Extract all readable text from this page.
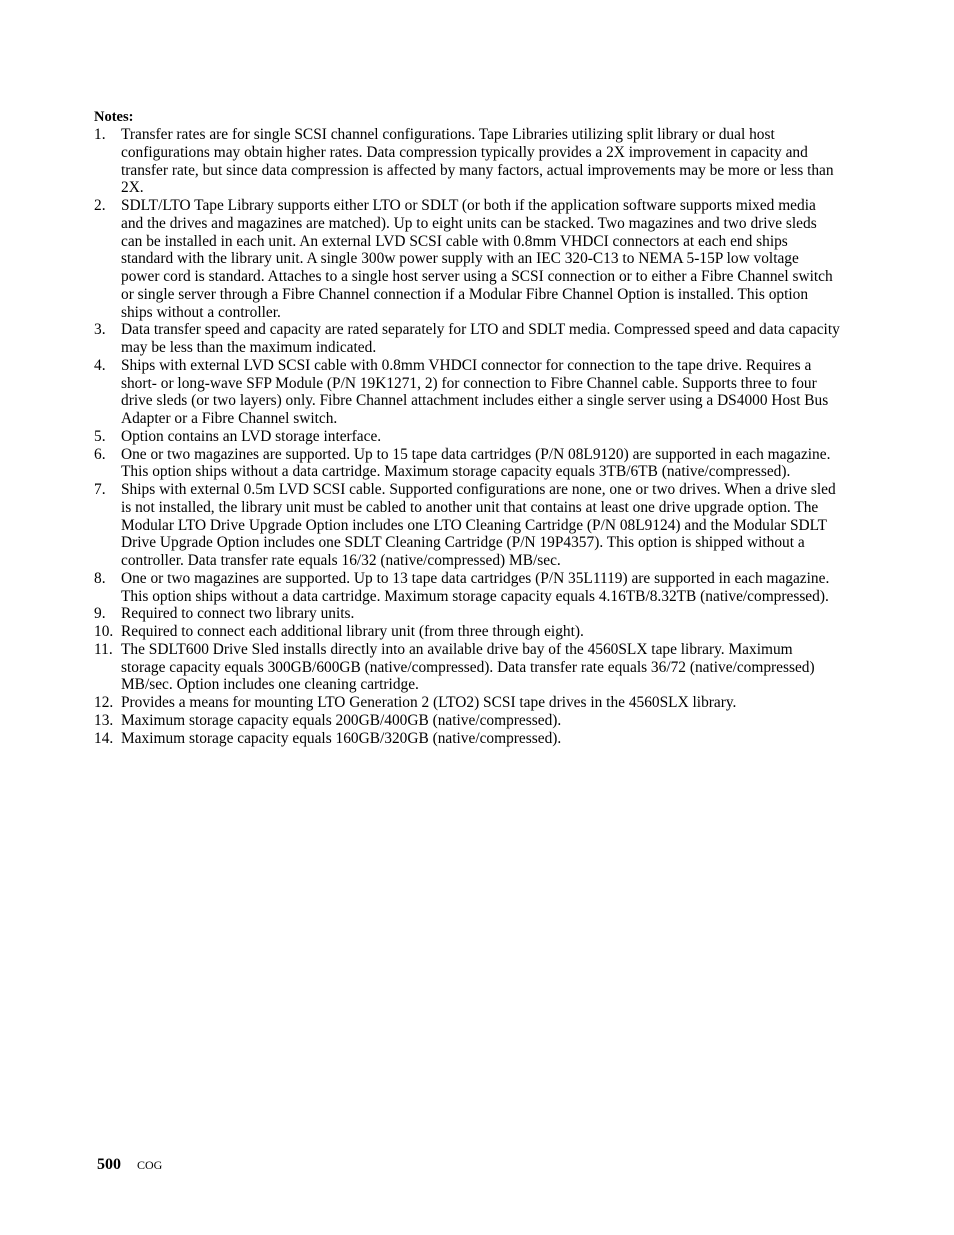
Notes:
1.	Transfer rates are for single SCSI channel configurations. Tape Libraries utilizing split library or dual host configurations may obtain higher rates. Data compression typically provides a 2X improvement in capacity and transfer rate, but since data compression is affected by many factors, actual improvements may be more or less than 2X.
2.	SDLT/LTO Tape Library supports either LTO or SDLT (or both if the application software supports mixed media and the drives and magazines are matched). Up to eight units can be stacked. Two magazines and two drive sleds can be installed in each unit. An external LVD SCSI cable with 0.8mm VHDCI connectors at each end ships standard with the library unit. A single 300w power supply with an IEC 320-C13 to NEMA 5-15P low voltage power cord is standard. Attaches to a single host server using a SCSI connection or to either a Fibre Channel switch or single server through a Fibre Channel connection if a Modular Fibre Channel Option is installed. This option ships without a controller.
3.	Data transfer speed and capacity are rated separately for LTO and SDLT media. Compressed speed and data capacity may be less than the maximum indicated.
4.	Ships with external LVD SCSI cable with 0.8mm VHDCI connector for connection to the tape drive. Requires a short- or long-wave SFP Module (P/N 19K1271, 2) for connection to Fibre Channel cable. Supports three to four drive sleds (or two layers) only. Fibre Channel attachment includes either a single server using a DS4000 Host Bus Adapter or a Fibre Channel switch.
5.	Option contains an LVD storage interface.
6.	One or two magazines are supported. Up to 15 tape data cartridges (P/N 08L9120) are supported in each magazine. This option ships without a data cartridge. Maximum storage capacity equals 3TB/6TB (native/compressed).
7.	Ships with external 0.5m LVD SCSI cable. Supported configurations are none, one or two drives. When a drive sled is not installed, the library unit must be cabled to another unit that contains at least one drive upgrade option. The Modular LTO Drive Upgrade Option includes one LTO Cleaning Cartridge (P/N 08L9124) and the Modular SDLT Drive Upgrade Option includes one SDLT Cleaning Cartridge (P/N 19P4357). This option is shipped without a controller. Data transfer rate equals 16/32 (native/compressed) MB/sec.
8.	One or two magazines are supported. Up to 13 tape data cartridges (P/N 35L1119) are supported in each magazine. This option ships without a data cartridge. Maximum storage capacity equals 4.16TB/8.32TB (native/compressed).
9.	Required to connect two library units.
10. Required to connect each additional library unit (from three through eight).
11. The SDLT600 Drive Sled installs directly into an available drive bay of the 4560SLX tape library. Maximum storage capacity equals 300GB/600GB (native/compressed). Data transfer rate equals 36/72 (native/compressed) MB/sec. Option includes one cleaning cartridge.
12. Provides a means for mounting LTO Generation 2 (LTO2) SCSI tape drives in the 4560SLX library.
13. Maximum storage capacity equals 200GB/400GB (native/compressed).
14. Maximum storage capacity equals 160GB/320GB (native/compressed).
500 COG
